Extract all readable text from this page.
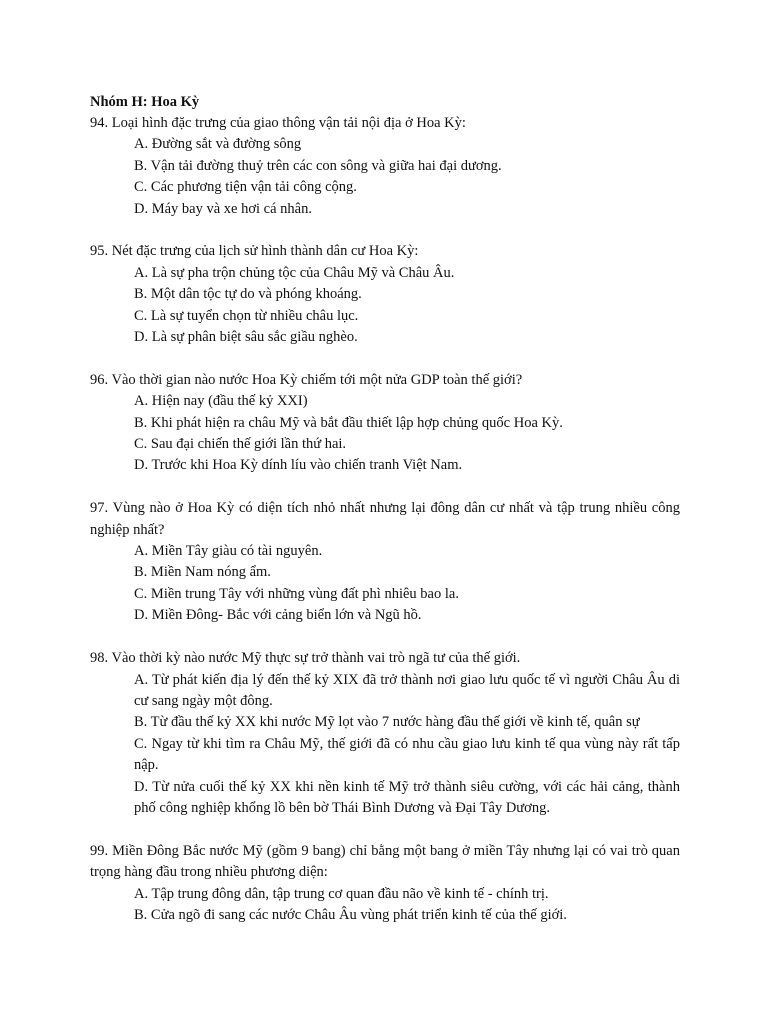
Nhóm H: Hoa Kỳ

94. Loại hình đặc trưng của giao thông vận tải nội địa ở Hoa Kỳ:

A. Đường sắt và đường sông
B. Vận tải đường thuỷ trên các con sông và giữa hai đại dương.
C. Các phương tiện vận tải công cộng.
D. Máy bay và xe hơi cá nhân.

95. Nét đặc trưng của lịch sử hình thành dân cư Hoa Kỳ:

A. Là sự pha trộn chủng tộc của Châu Mỹ và Châu Âu.
B. Một dân tộc tự do và phóng khoáng.
C. Là sự tuyển chọn từ nhiều châu lục.
D. Là sự phân biệt sâu sắc giầu nghèo.

96. Vào thời gian nào nước Hoa Kỳ chiếm tới một nửa GDP toàn thế giới?

A. Hiện nay (đầu thế kỷ XXI)
B. Khi phát hiện ra châu Mỹ và bắt đầu thiết lập hợp chủng quốc Hoa Kỳ.
C. Sau đại chiến thế giới lần thứ hai.
D. Trước khi Hoa Kỳ dính líu vào chiến tranh Việt Nam.

97. Vùng nào ở Hoa Kỳ có diện tích nhỏ nhất nhưng lại đông dân cư nhất và tập trung nhiều công nghiệp nhất?

A. Miền Tây giàu có tài nguyên.
B. Miền Nam nóng ẩm.
C. Miền trung Tây với những vùng đất phì nhiêu bao la.
D. Miền Đông- Bắc với cảng biển lớn và Ngũ hồ.

98. Vào thời kỳ nào nước Mỹ thực sự trở thành vai trò ngã tư của thế giới.

A. Từ phát kiến địa lý đến thế kỷ XIX đã trở thành nơi giao lưu quốc tế vì người Châu Âu di cư sang ngày một đông.
B. Từ đầu thế kỷ XX khi nước Mỹ lọt vào 7 nước hàng đầu thế giới về kinh tế, quân sự
C. Ngay từ khi tìm ra Châu Mỹ, thế giới đã có nhu cầu giao lưu kinh tế qua vùng này rất tấp nập.
D. Từ nửa cuối thế kỷ XX khi nền kinh tế Mỹ trở thành siêu cường, với các hải cảng, thành phố công nghiệp khổng lồ bên bờ Thái Bình Dương và Đại Tây Dương.

99. Miền Đông Bắc nước Mỹ (gồm 9 bang) chỉ bằng một bang ở miền Tây nhưng lại có vai trò quan trọng hàng đầu trong nhiều phương diện:

A. Tập trung đông dân, tập trung cơ quan đầu não về kinh tế - chính trị.
B. Cửa ngõ đi sang các nước Châu Âu vùng phát triển kinh tế của thế giới.
